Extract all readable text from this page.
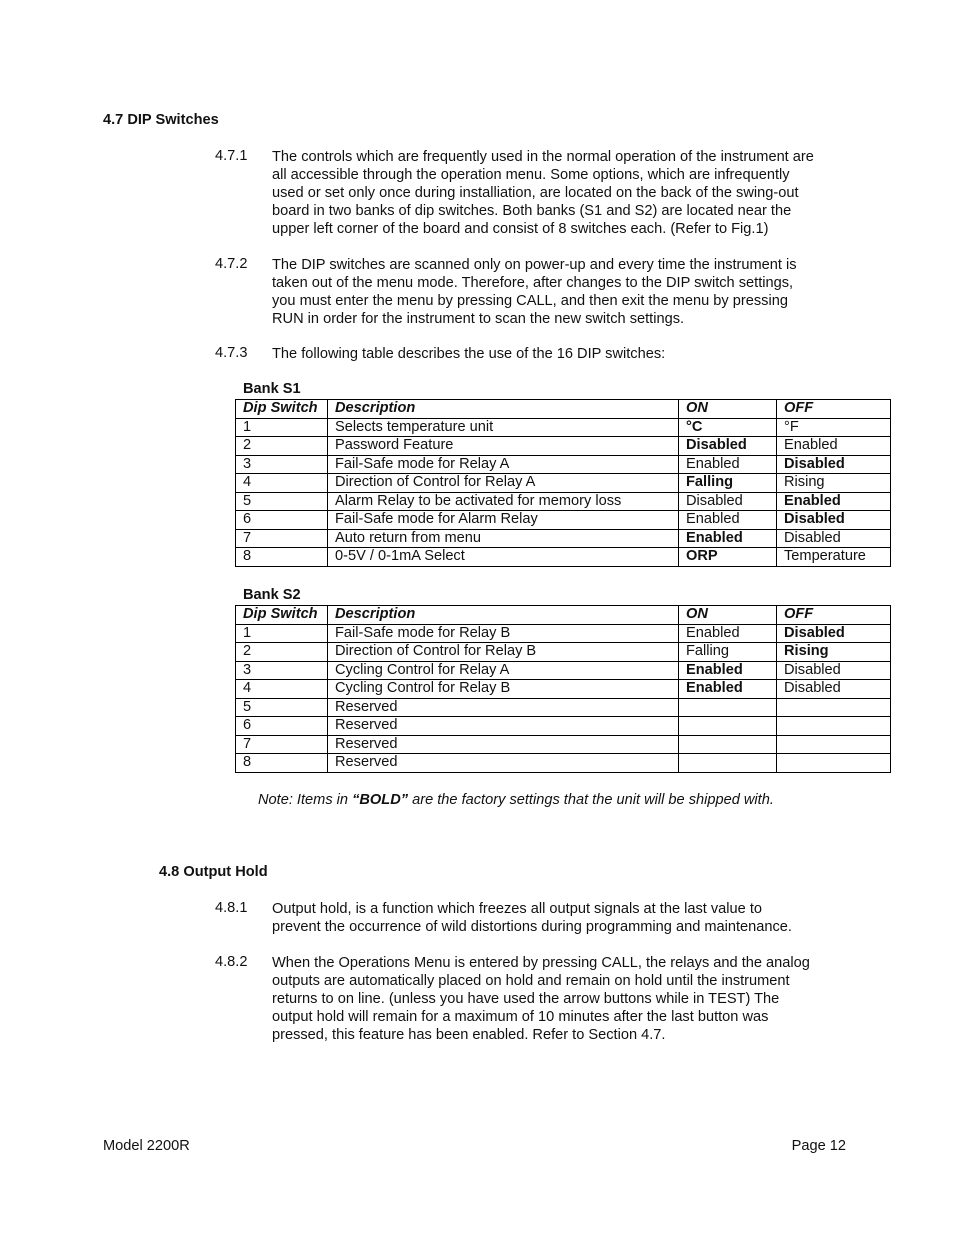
4.7 DIP Switches
4.7.1 The controls which are frequently used in the normal operation of the instrument are
all accessible through the operation menu. Some options, which are infrequently
used or set only once during installiation, are located on the back of the swing-out
board in two banks of dip switches. Both banks (S1 and S2) are located near the
upper left corner of the board and consist of 8 switches each. (Refer to Fig.1)
4.7.2 The DIP switches are scanned only on power-up and every time the instrument is
taken out of the menu mode. Therefore, after changes to the DIP switch settings,
you must enter the menu by pressing CALL, and then exit the menu by pressing
RUN in order for the instrument to scan the new switch settings.
4.7.3 The following table describes the use of the 16 DIP switches:
Bank S1
Dip Switch	Description	ON	OFF
1	Selects temperature unit	°C	°F
2	Password Feature	Disabled	Enabled
3	Fail-Safe mode for Relay A	Enabled	Disabled
4	Direction of Control for Relay A	Falling	Rising
5	Alarm Relay to be activated for memory loss	Disabled	Enabled
6	Fail-Safe mode for Alarm Relay	Enabled	Disabled
7	Auto return from menu	Enabled	Disabled
8	0-5V / 0-1mA Select	ORP	Temperature
Bank S2
Dip Switch	Description	ON	OFF
1	Fail-Safe mode for Relay B	Enabled	Disabled
2	Direction of Control for Relay B	Falling	Rising
3	Cycling Control for Relay A	Enabled	Disabled
4	Cycling Control for Relay B	Enabled	Disabled
5	Reserved		
6	Reserved		
7	Reserved		
8	Reserved		
Note: Items in “BOLD” are the factory settings that the unit will be shipped with.
4.8 Output Hold
4.8.1 Output hold, is a function which freezes all output signals at the last value to
prevent the occurrence of wild distortions during programming and maintenance.
4.8.2 When the Operations Menu is entered by pressing CALL, the relays and the analog
outputs are automatically placed on hold and remain on hold until the instrument
returns to on line. (unless you have used the arrow buttons while in TEST) The
output hold will remain for a maximum of 10 minutes after the last button was
pressed, this feature has been enabled. Refer to Section 4.7.
Model 2200R	Page 12
